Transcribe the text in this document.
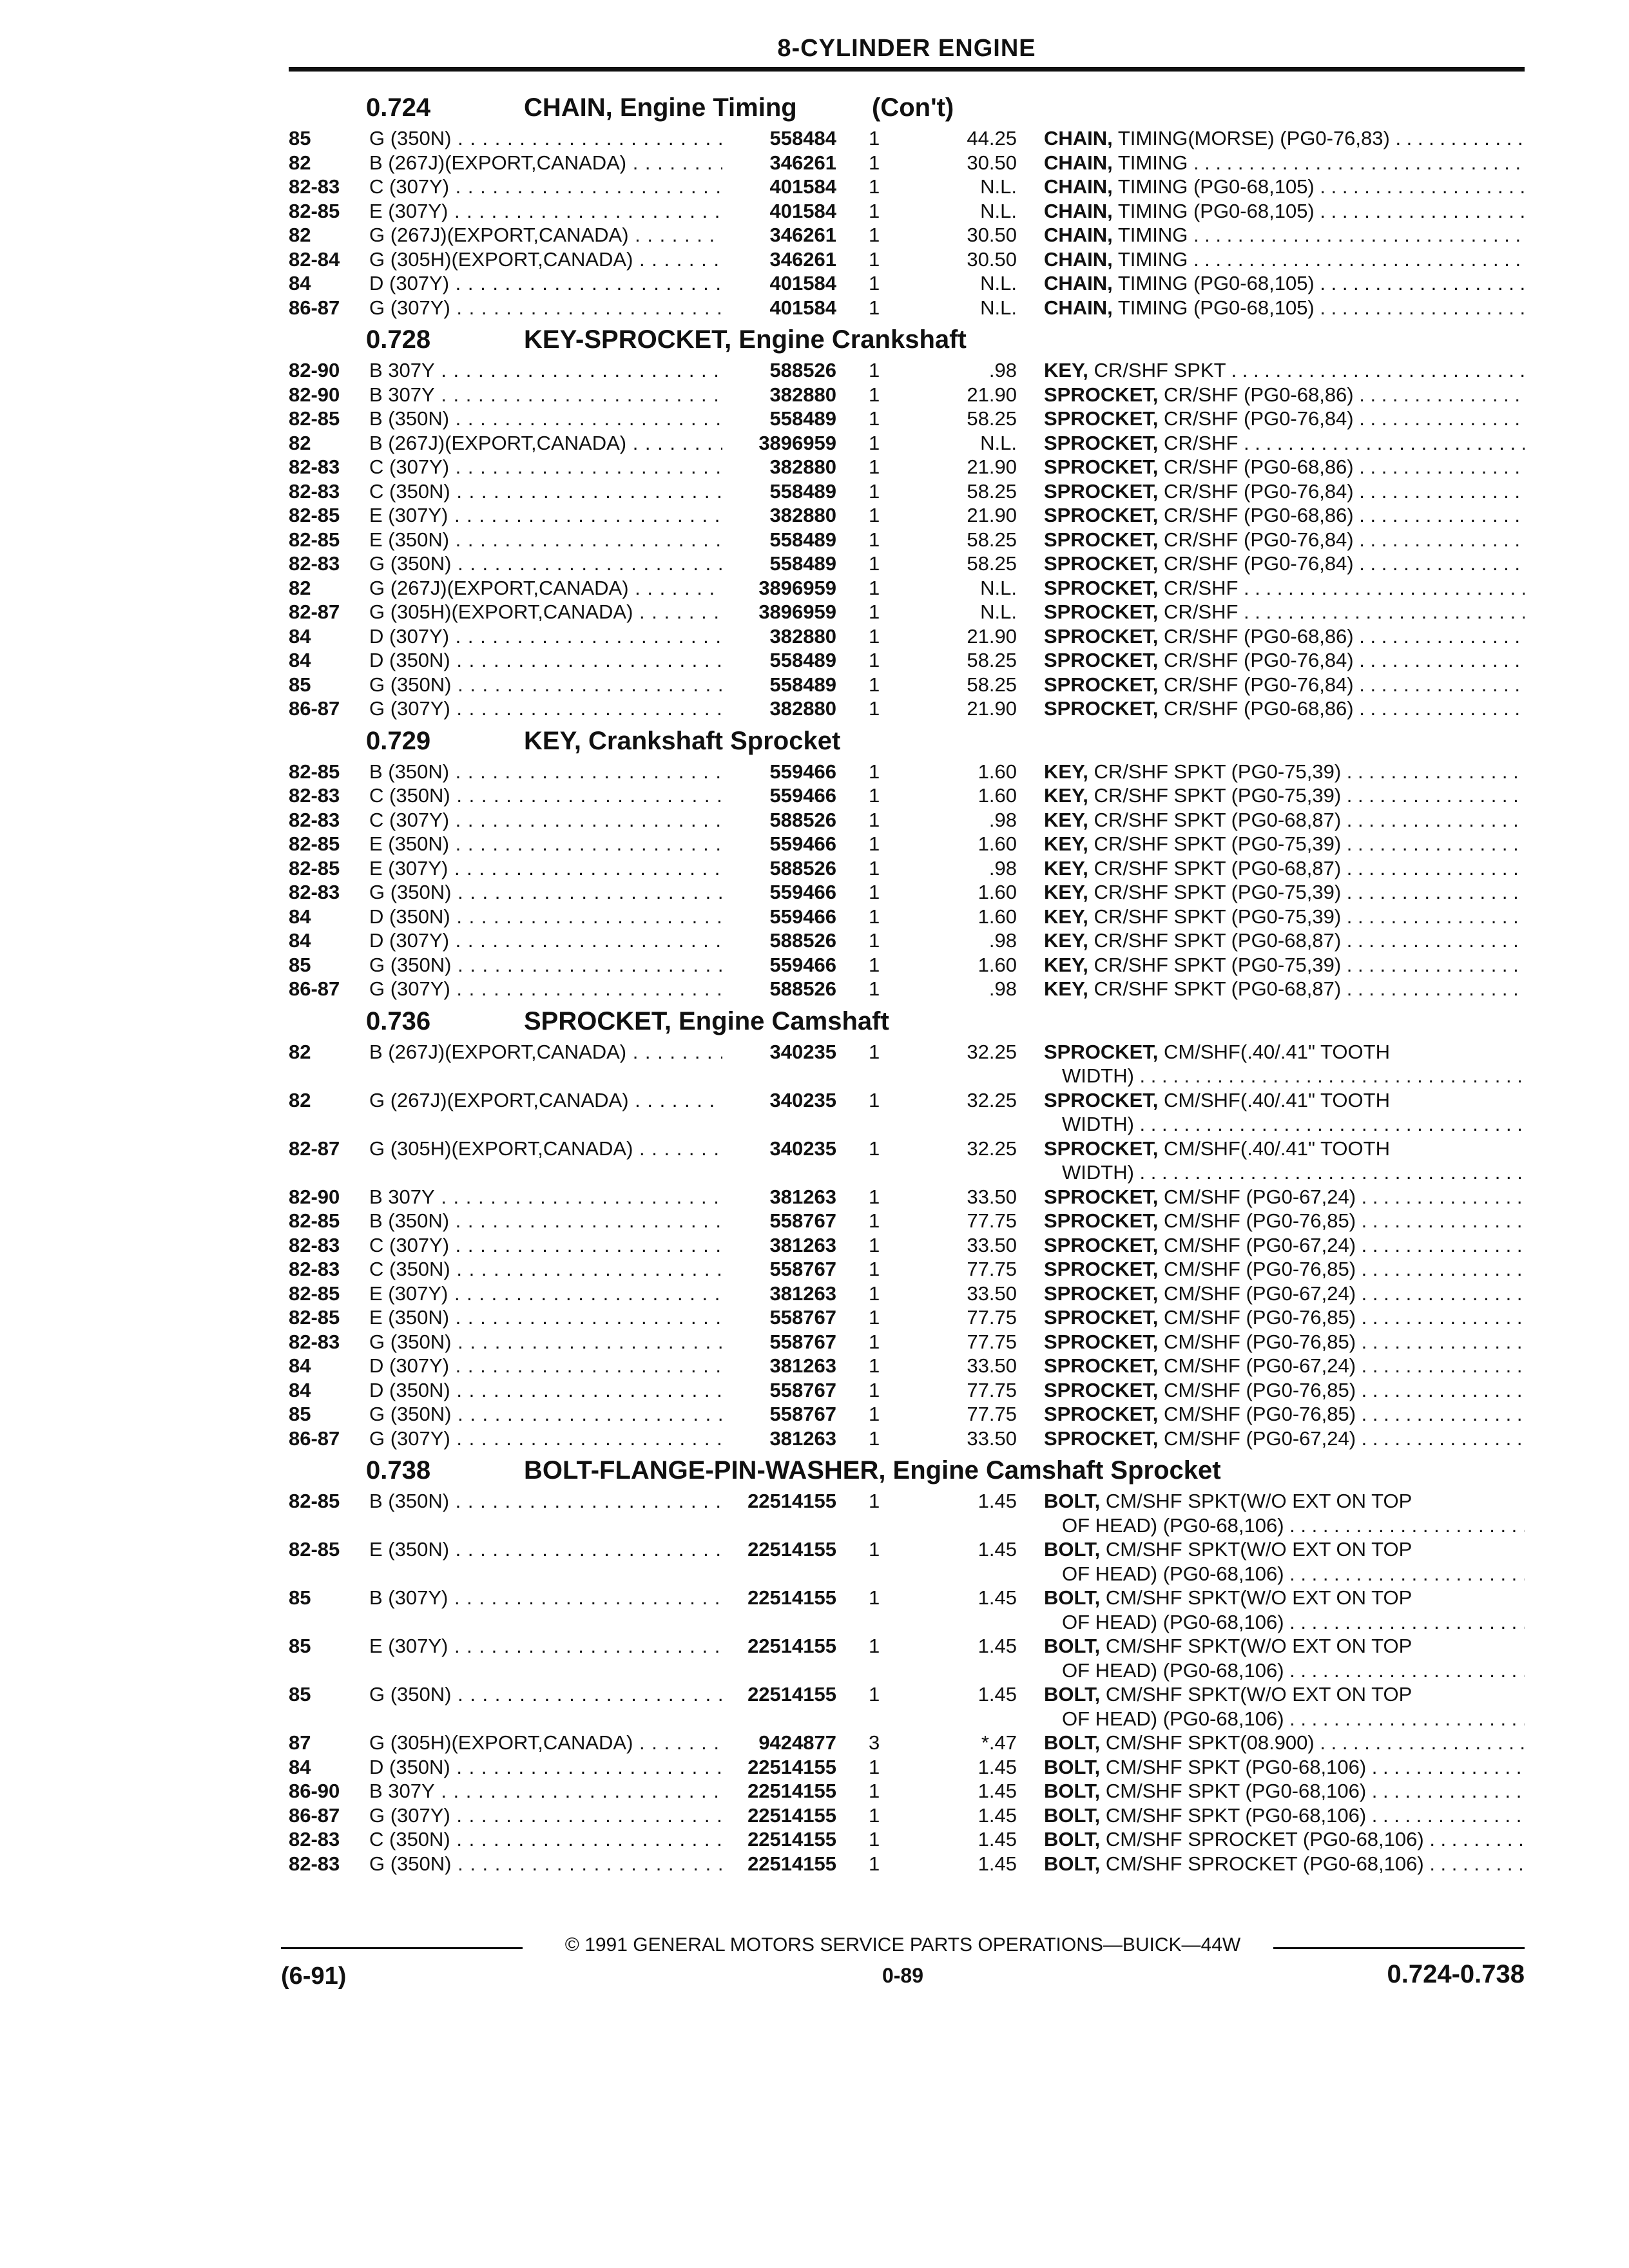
8-CYLINDER ENGINE
0.724	CHAIN, Engine Timing	(Con't)
85	G (350N) . . .	558484 1	44.25 CHAIN, TIMING(MORSE) (PG0-76,83) . . .
82	B (267J)(EXPORT,CANADA) . . .	346261 1	30.50 CHAIN, TIMING . . .
82-83 C (307Y) . . .	401584 1	N.L. CHAIN, TIMING (PG0-68,105) . . .
82-85 E (307Y) . . .	401584 1	N.L. CHAIN, TIMING (PG0-68,105) . . .
82	G (267J)(EXPORT,CANADA) . . .	346261 1	30.50 CHAIN, TIMING . . .
82-84 G (305H)(EXPORT,CANADA) . . .	346261 1	30.50 CHAIN, TIMING . . .
84	D (307Y) . . .	401584 1	N.L. CHAIN, TIMING (PG0-68,105) . . .
86-87 G (307Y) . . .	401584 1	N.L. CHAIN, TIMING (PG0-68,105) . . .
0.728	KEY-SPROCKET, Engine Crankshaft
82-90 B 307Y . . .	588526 1	.98 KEY, CR/SHF SPKT . . .
82-90 B 307Y . . .	382880 1	21.90 SPROCKET, CR/SHF (PG0-68,86) . . .
82-85 B (350N) . . .	558489 1	58.25 SPROCKET, CR/SHF (PG0-76,84) . . .
82	B (267J)(EXPORT,CANADA) . . .	3896959 1	N.L. SPROCKET, CR/SHF . . .
82-83 C (307Y) . . .	382880 1	21.90 SPROCKET, CR/SHF (PG0-68,86) . . .
82-83 C (350N) . . .	558489 1	58.25 SPROCKET, CR/SHF (PG0-76,84) . . .
82-85 E (307Y) . . .	382880 1	21.90 SPROCKET, CR/SHF (PG0-68,86) . . .
82-85 E (350N) . . .	558489 1	58.25 SPROCKET, CR/SHF (PG0-76,84) . . .
82-83 G (350N) . . .	558489 1	58.25 SPROCKET, CR/SHF (PG0-76,84) . . .
82	G (267J)(EXPORT,CANADA) . . .	3896959 1	N.L. SPROCKET, CR/SHF . . .
82-87 G (305H)(EXPORT,CANADA) . . .	3896959 1	N.L. SPROCKET, CR/SHF . . .
84	D (307Y) . . .	382880 1	21.90 SPROCKET, CR/SHF (PG0-68,86) . . .
84	D (350N) . . .	558489 1	58.25 SPROCKET, CR/SHF (PG0-76,84) . . .
85	G (350N) . . .	558489 1	58.25 SPROCKET, CR/SHF (PG0-76,84) . . .
86-87 G (307Y) . . .	382880 1	21.90 SPROCKET, CR/SHF (PG0-68,86) . . .
0.729	KEY, Crankshaft Sprocket
82-85 B (350N) . . .	559466 1	1.60 KEY, CR/SHF SPKT (PG0-75,39) . . .
82-83 C (350N) . . .	559466 1	1.60 KEY, CR/SHF SPKT (PG0-75,39) . . .
82-83 C (307Y) . . .	588526 1	.98 KEY, CR/SHF SPKT (PG0-68,87) . . .
82-85 E (350N) . . .	559466 1	1.60 KEY, CR/SHF SPKT (PG0-75,39) . . .
82-85 E (307Y) . . .	588526 1	.98 KEY, CR/SHF SPKT (PG0-68,87) . . .
82-83 G (350N) . . .	559466 1	1.60 KEY, CR/SHF SPKT (PG0-75,39) . . .
84	D (350N) . . .	559466 1	1.60 KEY, CR/SHF SPKT (PG0-75,39) . . .
84	D (307Y) . . .	588526 1	.98 KEY, CR/SHF SPKT (PG0-68,87) . . .
85	G (350N) . . .	559466 1	1.60 KEY, CR/SHF SPKT (PG0-75,39) . . .
86-87 G (307Y) . . .	588526 1	.98 KEY, CR/SHF SPKT (PG0-68,87) . . .
0.736	SPROCKET, Engine Camshaft
82	B (267J)(EXPORT,CANADA) . . .	340235 1	32.25 SPROCKET, CM/SHF(.40/.41" TOOTH
WIDTH) . . .
82	G (267J)(EXPORT,CANADA) . . .	340235 1	32.25 SPROCKET, CM/SHF(.40/.41" TOOTH
WIDTH) . . .
82-87 G (305H)(EXPORT,CANADA) . . .	340235 1	32.25 SPROCKET, CM/SHF(.40/.41" TOOTH
WIDTH) . . .
82-90 B 307Y . . .	381263 1	33.50 SPROCKET, CM/SHF (PG0-67,24) . . .
82-85 B (350N) . . .	558767 1	77.75 SPROCKET, CM/SHF (PG0-76,85) . . .
82-83 C (307Y) . . .	381263 1	33.50 SPROCKET, CM/SHF (PG0-67,24) . . .
82-83 C (350N) . . .	558767 1	77.75 SPROCKET, CM/SHF (PG0-76,85) . . .
82-85 E (307Y) . . .	381263 1	33.50 SPROCKET, CM/SHF (PG0-67,24) . . .
82-85 E (350N) . . .	558767 1	77.75 SPROCKET, CM/SHF (PG0-76,85) . . .
82-83 G (350N) . . .	558767 1	77.75 SPROCKET, CM/SHF (PG0-76,85) . . .
84	D (307Y) . . .	381263 1	33.50 SPROCKET, CM/SHF (PG0-67,24) . . .
84	D (350N) . . .	558767 1	77.75 SPROCKET, CM/SHF (PG0-76,85) . . .
85	G (350N) . . .	558767 1	77.75 SPROCKET, CM/SHF (PG0-76,85) . . .
86-87 G (307Y) . . .	381263 1	33.50 SPROCKET, CM/SHF (PG0-67,24) . . .
0.738	BOLT-FLANGE-PIN-WASHER, Engine Camshaft Sprocket
82-85 B (350N) . . .	22514155 1	1.45 BOLT, CM/SHF SPKT(W/O EXT ON TOP
OF HEAD) (PG0-68,106) . . .
82-85 E (350N) . . .	22514155 1	1.45 BOLT, CM/SHF SPKT(W/O EXT ON TOP
OF HEAD) (PG0-68,106) . . .
85	B (307Y) . . .	22514155 1	1.45 BOLT, CM/SHF SPKT(W/O EXT ON TOP
OF HEAD) (PG0-68,106) . . .
85	E (307Y) . . .	22514155 1	1.45 BOLT, CM/SHF SPKT(W/O EXT ON TOP
OF HEAD) (PG0-68,106) . . .
85	G (350N) . . .	22514155 1	1.45 BOLT, CM/SHF SPKT(W/O EXT ON TOP
OF HEAD) (PG0-68,106) . . .
87	G (305H)(EXPORT,CANADA) . . .	9424877 3	*.47 BOLT, CM/SHF SPKT(08.900) . . .
84	D (350N) . . .	22514155 1	1.45 BOLT, CM/SHF SPKT (PG0-68,106) . . .
86-90 B 307Y . . .	22514155 1	1.45 BOLT, CM/SHF SPKT (PG0-68,106) . . .
86-87 G (307Y) . . .	22514155 1	1.45 BOLT, CM/SHF SPKT (PG0-68,106) . . .
82-83 C (350N) . . .	22514155 1	1.45 BOLT, CM/SHF SPROCKET (PG0-68,106) . . .
82-83 G (350N) . . .	22514155 1	1.45 BOLT, CM/SHF SPROCKET (PG0-68,106) . . .
© 1991 GENERAL MOTORS SERVICE PARTS OPERATIONS—BUICK—44W
(6-91)	0-89	0.724-0.738
